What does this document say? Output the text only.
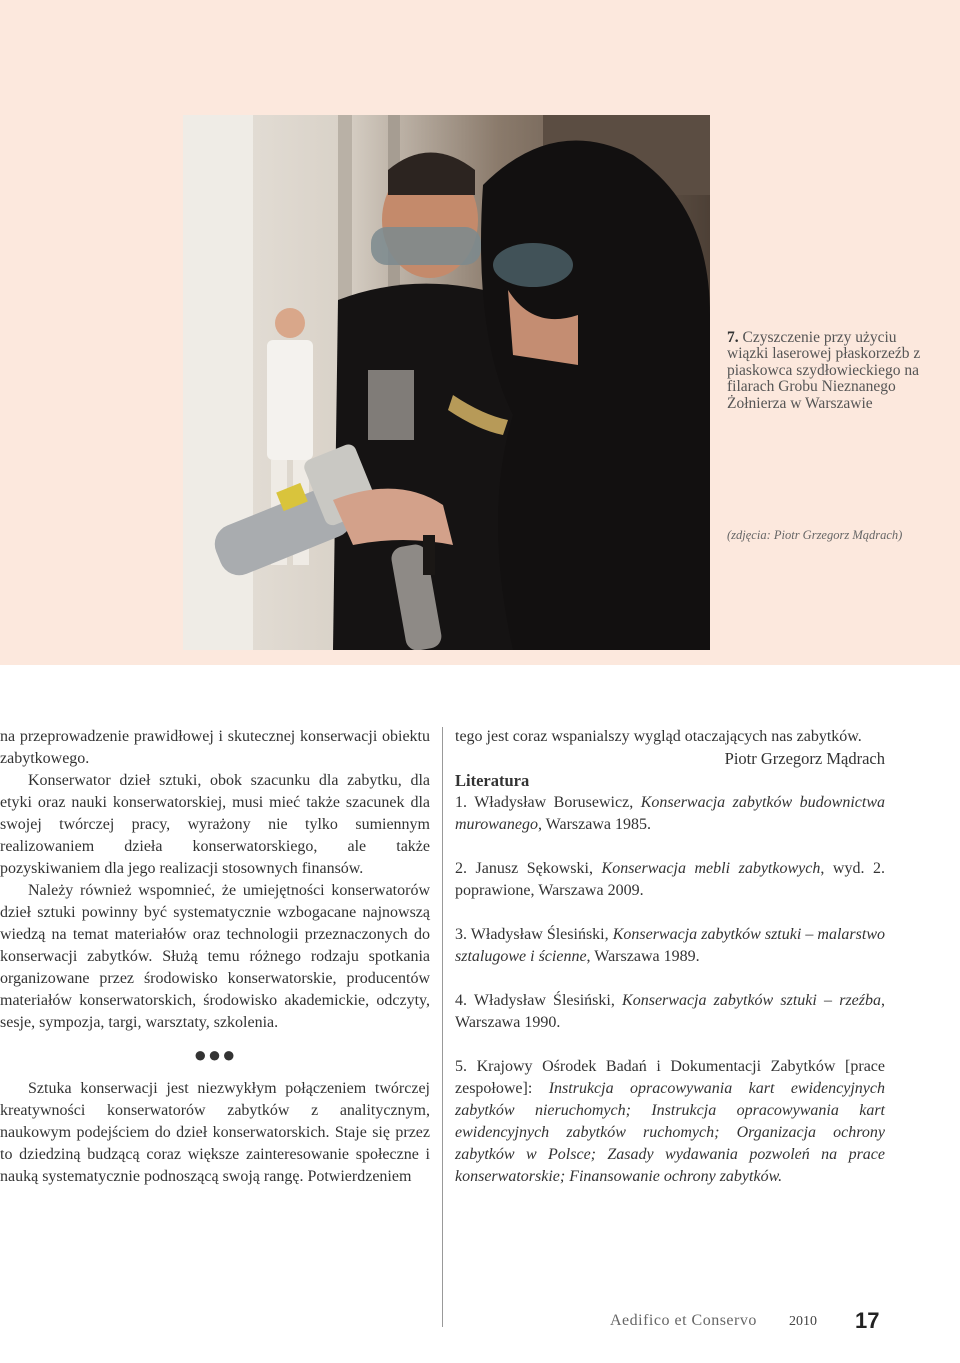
7. Czyszczenie przy użyciu wiązki laserowej płaskorzeźb z piaskowca szydłowieckiego na filarach Grobu Nieznanego Żołnierza w Warszawie
(zdjęcia: Piotr Grzegorz Mądrach)

na przeprowadzenie prawidłowej i skutecznej konserwacji obiektu zabytkowego.

Konserwator dzieł sztuki, obok szacunku dla zabytku, dla etyki oraz nauki konserwatorskiej, musi mieć także szacunek dla swojej twórczej pracy, wyrażony nie tylko sumiennym realizowaniem dzieła konserwatorskiego, ale także pozyskiwaniem dla jego realizacji stosownych finansów.

Należy również wspomnieć, że umiejętności konserwatorów dzieł sztuki powinny być systematycznie wzbogacane najnowszą wiedzą na temat materiałów oraz technologii przeznaczonych do konserwacji zabytków. Służą temu różnego rodzaju spotkania organizowane przez środowisko konserwatorskie, producentów materiałów konserwatorskich, środowisko akademickie, odczyty, sesje, sympozja, targi, warsztaty, szkolenia.

●●●

Sztuka konserwacji jest niezwykłym połączeniem twórczej kreatywności konserwatorów zabytków z analitycznym, naukowym podejściem do dzieł konserwatorskich. Staje się przez to dziedziną budzącą coraz większe zainteresowanie społeczne i nauką systematycznie podnoszącą swoją rangę. Potwierdzeniem

tego jest coraz wspanialszy wygląd otaczających nas zabytków.

Piotr Grzegorz Mądrach

Literatura

1. Władysław Borusewicz, Konserwacja zabytków budownictwa murowanego, Warszawa 1985.

2. Janusz Sękowski, Konserwacja mebli zabytkowych, wyd. 2. poprawione, Warszawa 2009.

3. Władysław Ślesiński, Konserwacja zabytków sztuki – malarstwo sztalugowe i ścienne, Warszawa 1989.

4. Władysław Ślesiński, Konserwacja zabytków sztuki – rzeźba, Warszawa 1990.

5. Krajowy Ośrodek Badań i Dokumentacji Zabytków [prace zespołowe]: Instrukcja opracowywania kart ewidencyjnych zabytków nieruchomych; Instrukcja opracowywania kart ewidencyjnych zabytków ruchomych; Organizacja ochrony zabytków w Polsce; Zasady wydawania pozwoleń na prace konserwatorskie; Finansowanie ochrony zabytków.

Aedifico et Conservo 2010 17
